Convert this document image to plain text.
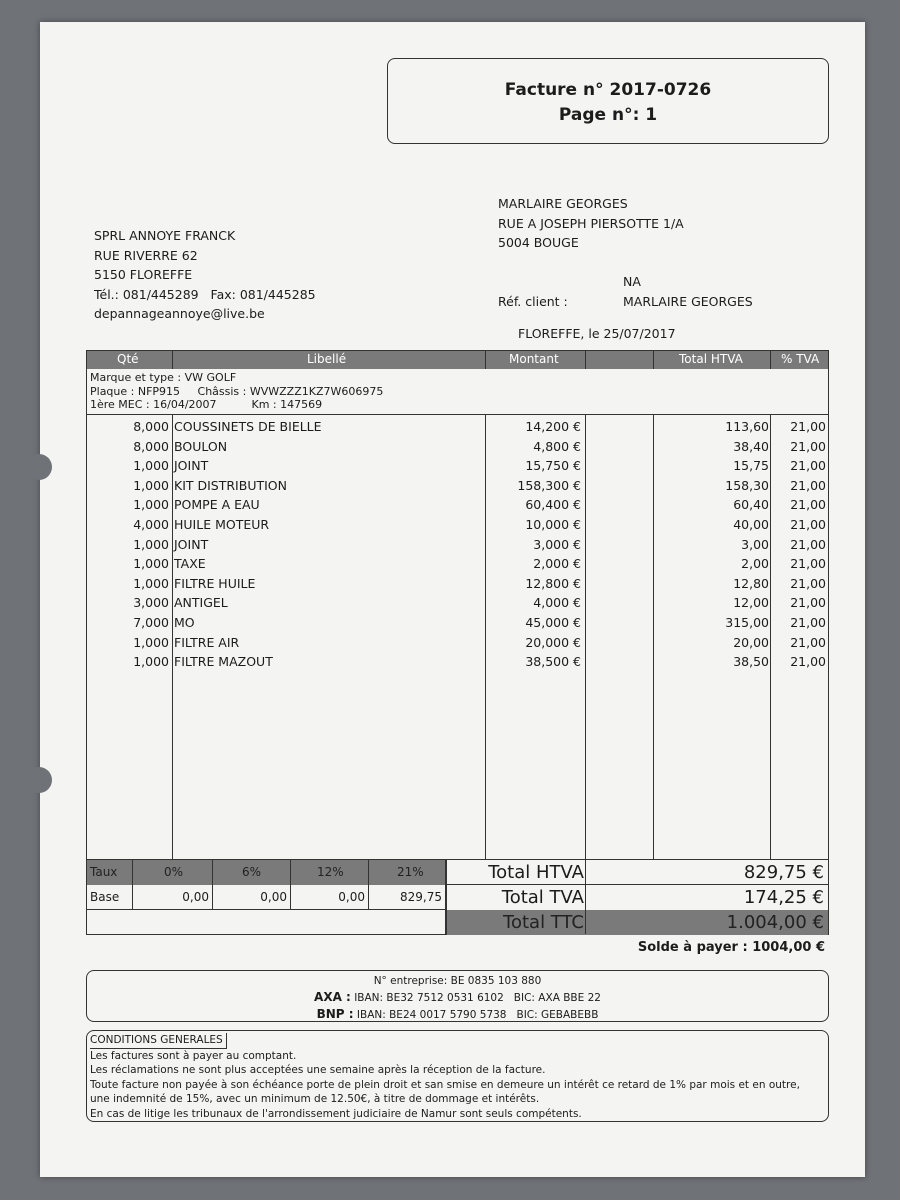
Facture n° 2017-0726
Page n°: 1
MARLAIRE GEORGES
RUE A JOSEPH PIERSOTTE 1/A
5004 BOUGE
SPRL ANNOYE FRANCK
RUE RIVERRE 62
5150 FLOREFFE
Tél.: 081/445289   Fax: 081/445285
depannageannoye@live.be
NA
Réf. client :	MARLAIRE GEORGES
FLOREFFE, le 25/07/2017
Qté	Libellé	Montant	Total HTVA	% TVA
Marque et type : VW GOLF
Plaque : NFP915     Châssis : WVWZZZ1KZ7W606975
1ère MEC : 16/04/2007          Km : 147569
8,000 COUSSINETS DE BIELLE	14,200 €	113,60 21,00
8,000 BOULON	4,800 €	38,40 21,00
1,000 JOINT	15,750 €	15,75 21,00
1,000 KIT DISTRIBUTION	158,300 €	158,30 21,00
1,000 POMPE A EAU	60,400 €	60,40 21,00
4,000 HUILE MOTEUR	10,000 €	40,00 21,00
1,000 JOINT	3,000 €	3,00 21,00
1,000 TAXE	2,000 €	2,00 21,00
1,000 FILTRE HUILE	12,800 €	12,80 21,00
3,000 ANTIGEL	4,000 €	12,00 21,00
7,000 MO	45,000 €	315,00 21,00
1,000 FILTRE AIR	20,000 €	20,00 21,00
1,000 FILTRE MAZOUT	38,500 €	38,50 21,00
Taux	0%	6%	12%	21%
Base	0,00	0,00	0,00	829,75
Total HTVA	829,75 €
Total TVA	174,25 €
Total TTC	1.004,00 €
Solde à payer : 1004,00 €
N° entreprise: BE 0835 103 880
AXA : IBAN: BE32 7512 0531 6102   BIC: AXA BBE 22
BNP : IBAN: BE24 0017 5790 5738   BIC: GEBABEBB
CONDITIONS GENERALES
Les factures sont à payer au comptant.
Les réclamations ne sont plus acceptées une semaine après la réception de la facture.
Toute facture non payée à son échéance porte de plein droit et san smise en demeure un intérêt ce retard de 1% par mois et en outre,
une indemnité de 15%, avec un minimum de 12.50€, à titre de dommage et intérêts.
En cas de litige les tribunaux de l'arrondissement judiciaire de Namur sont seuls compétents.
